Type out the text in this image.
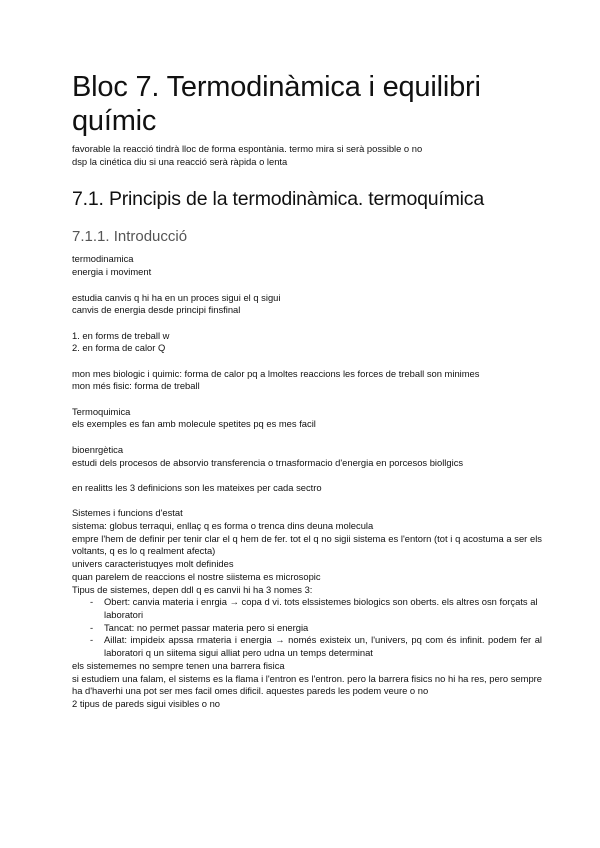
Bloc 7. Termodinàmica i equilibri químic

favorable la reacció tindrà lloc de forma espontània. termo mira si serà possible o no

dsp la cinética diu si una reacció serà ràpida o lenta

7.1. Principis de la termodinàmica. termoquímica
7.1.1. Introducció

termodinamica

energia i moviment

estudia canvis q hi ha en un proces sigui el q sigui

canvis de energia desde principi finsfinal

1. en forms de treball w

2. en forma de calor Q

mon mes biologic i quimic: forma de calor pq a lmoltes reaccions les forces de treball son minimes

mon més fisic: forma de treball

Termoquimica

els exemples es fan amb molecule spetites pq es mes facil

bioenrgètica

estudi dels procesos de absorvio transferencia o trnasformacio d'energia en porcesos biollgics

en realitts les 3 definicions son les mateixes per cada sectro

Sistemes i funcions d'estat

sistema: globus terraqui, enllaç q es forma o trenca dins deuna molecula

empre l'hem de definir per tenir clar el q hem de fer. tot el q no sigii sistema es l'entorn (tot i q acostuma a ser els voltants, q es lo q realment afecta)

univers caracteristuqyes molt definides

quan parelem de reaccions el nostre siistema es microsopic

Tipus de sistemes, depen ddl q es canvii hi ha 3 nomes 3:

- Obert: canvia materia i enrgia → copa d vi. tots elssistemes biologics son oberts. els altres osn forçats al laboratori
- Tancat: no permet passar materia pero si energia
- Aillat: impideix apssa rmateria i energia → només existeix un, l'univers, pq com és infinit. podem fer al laboratori q un siitema sigui alliat pero udna un temps determinat

els sistememes no sempre tenen una barrera fisica

si estudiem una falam, el sistems es la flama i l'entron es l'entron. pero la barrera fisics no hi ha res, pero sempre ha d'haverhi una pot ser mes facil omes dificil. aquestes pareds les podem veure o no

2 tipus de pareds sigui visibles o no
